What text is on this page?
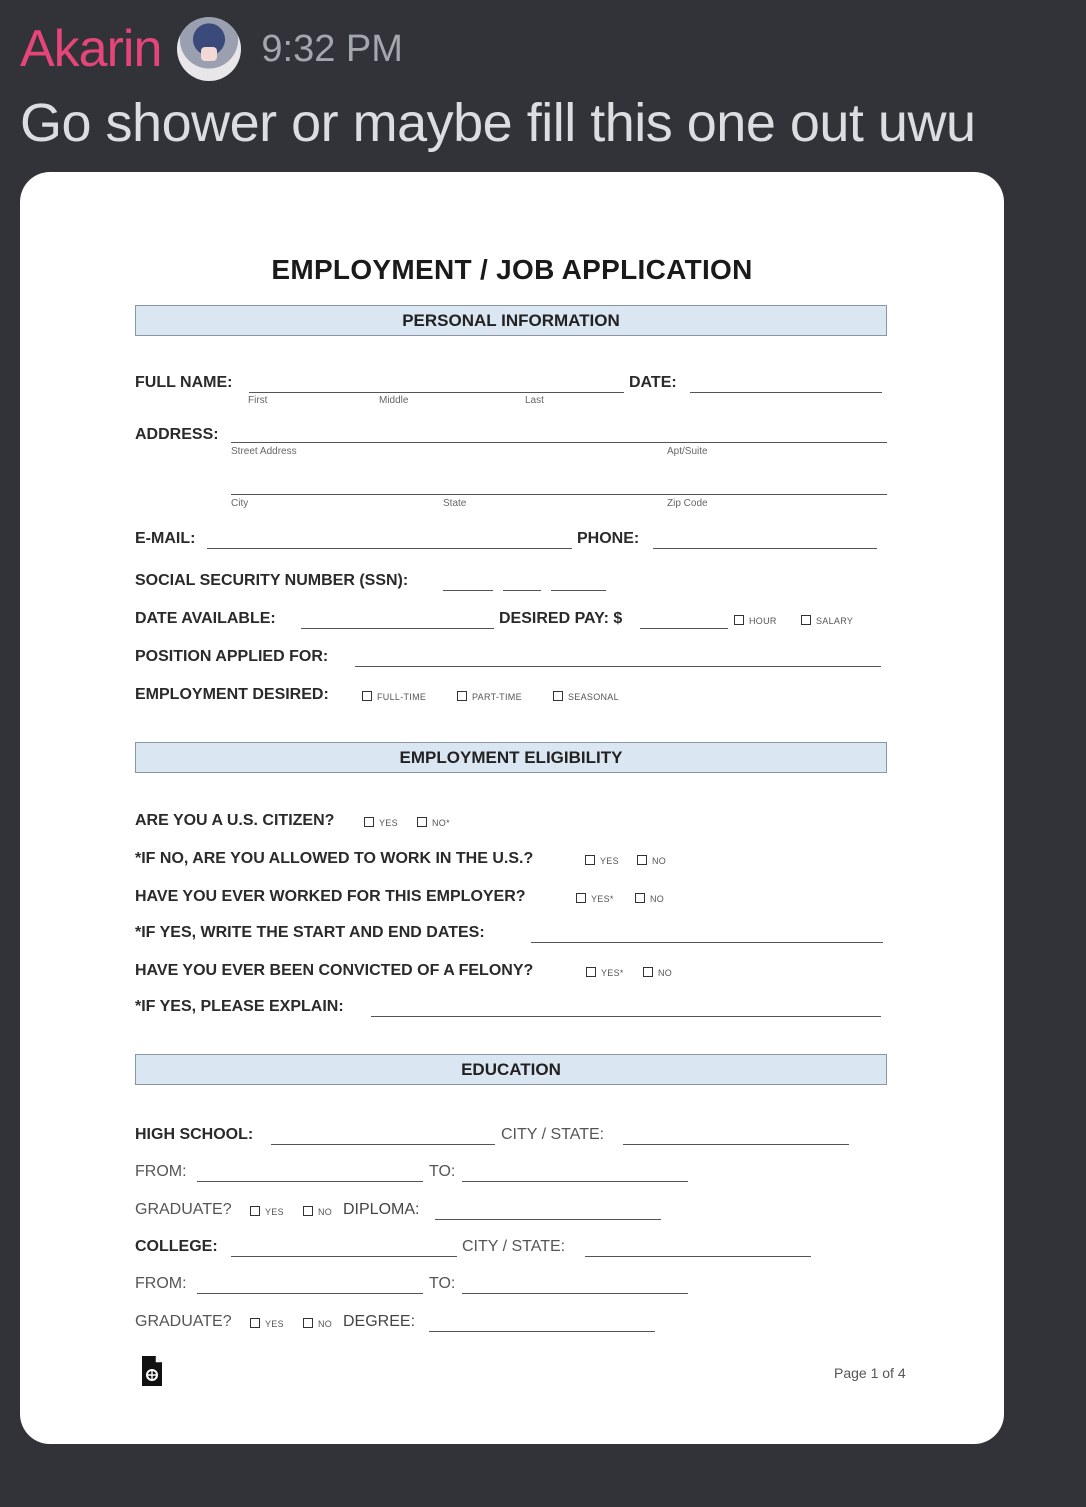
Akarin	9:32 PM
Go shower or maybe fill this one out uwu
EMPLOYMENT / JOB APPLICATION
PERSONAL INFORMATION
FULL NAME:	DATE:
First	Middle	Last
ADDRESS:
Street Address	Apt/Suite
City	State	Zip Code
E-MAIL:	PHONE:
SOCIAL SECURITY NUMBER (SSN):
DATE AVAILABLE:	DESIRED PAY: $	HOUR	SALARY
POSITION APPLIED FOR:
EMPLOYMENT DESIRED:	FULL-TIME	PART-TIME	SEASONAL
EMPLOYMENT ELIGIBILITY
ARE YOU A U.S. CITIZEN?	YES	NO*
*IF NO, ARE YOU ALLOWED TO WORK IN THE U.S.?	YES	NO
HAVE YOU EVER WORKED FOR THIS EMPLOYER?	YES*	NO
*IF YES, WRITE THE START AND END DATES:
HAVE YOU EVER BEEN CONVICTED OF A FELONY?	YES*	NO
*IF YES, PLEASE EXPLAIN:
EDUCATION
HIGH SCHOOL:	CITY / STATE:
FROM:	TO:
GRADUATE?	YES	NO DIPLOMA:
COLLEGE:	CITY / STATE:
FROM:	TO:
GRADUATE?	YES	NO DEGREE:
Page 1 of 4
